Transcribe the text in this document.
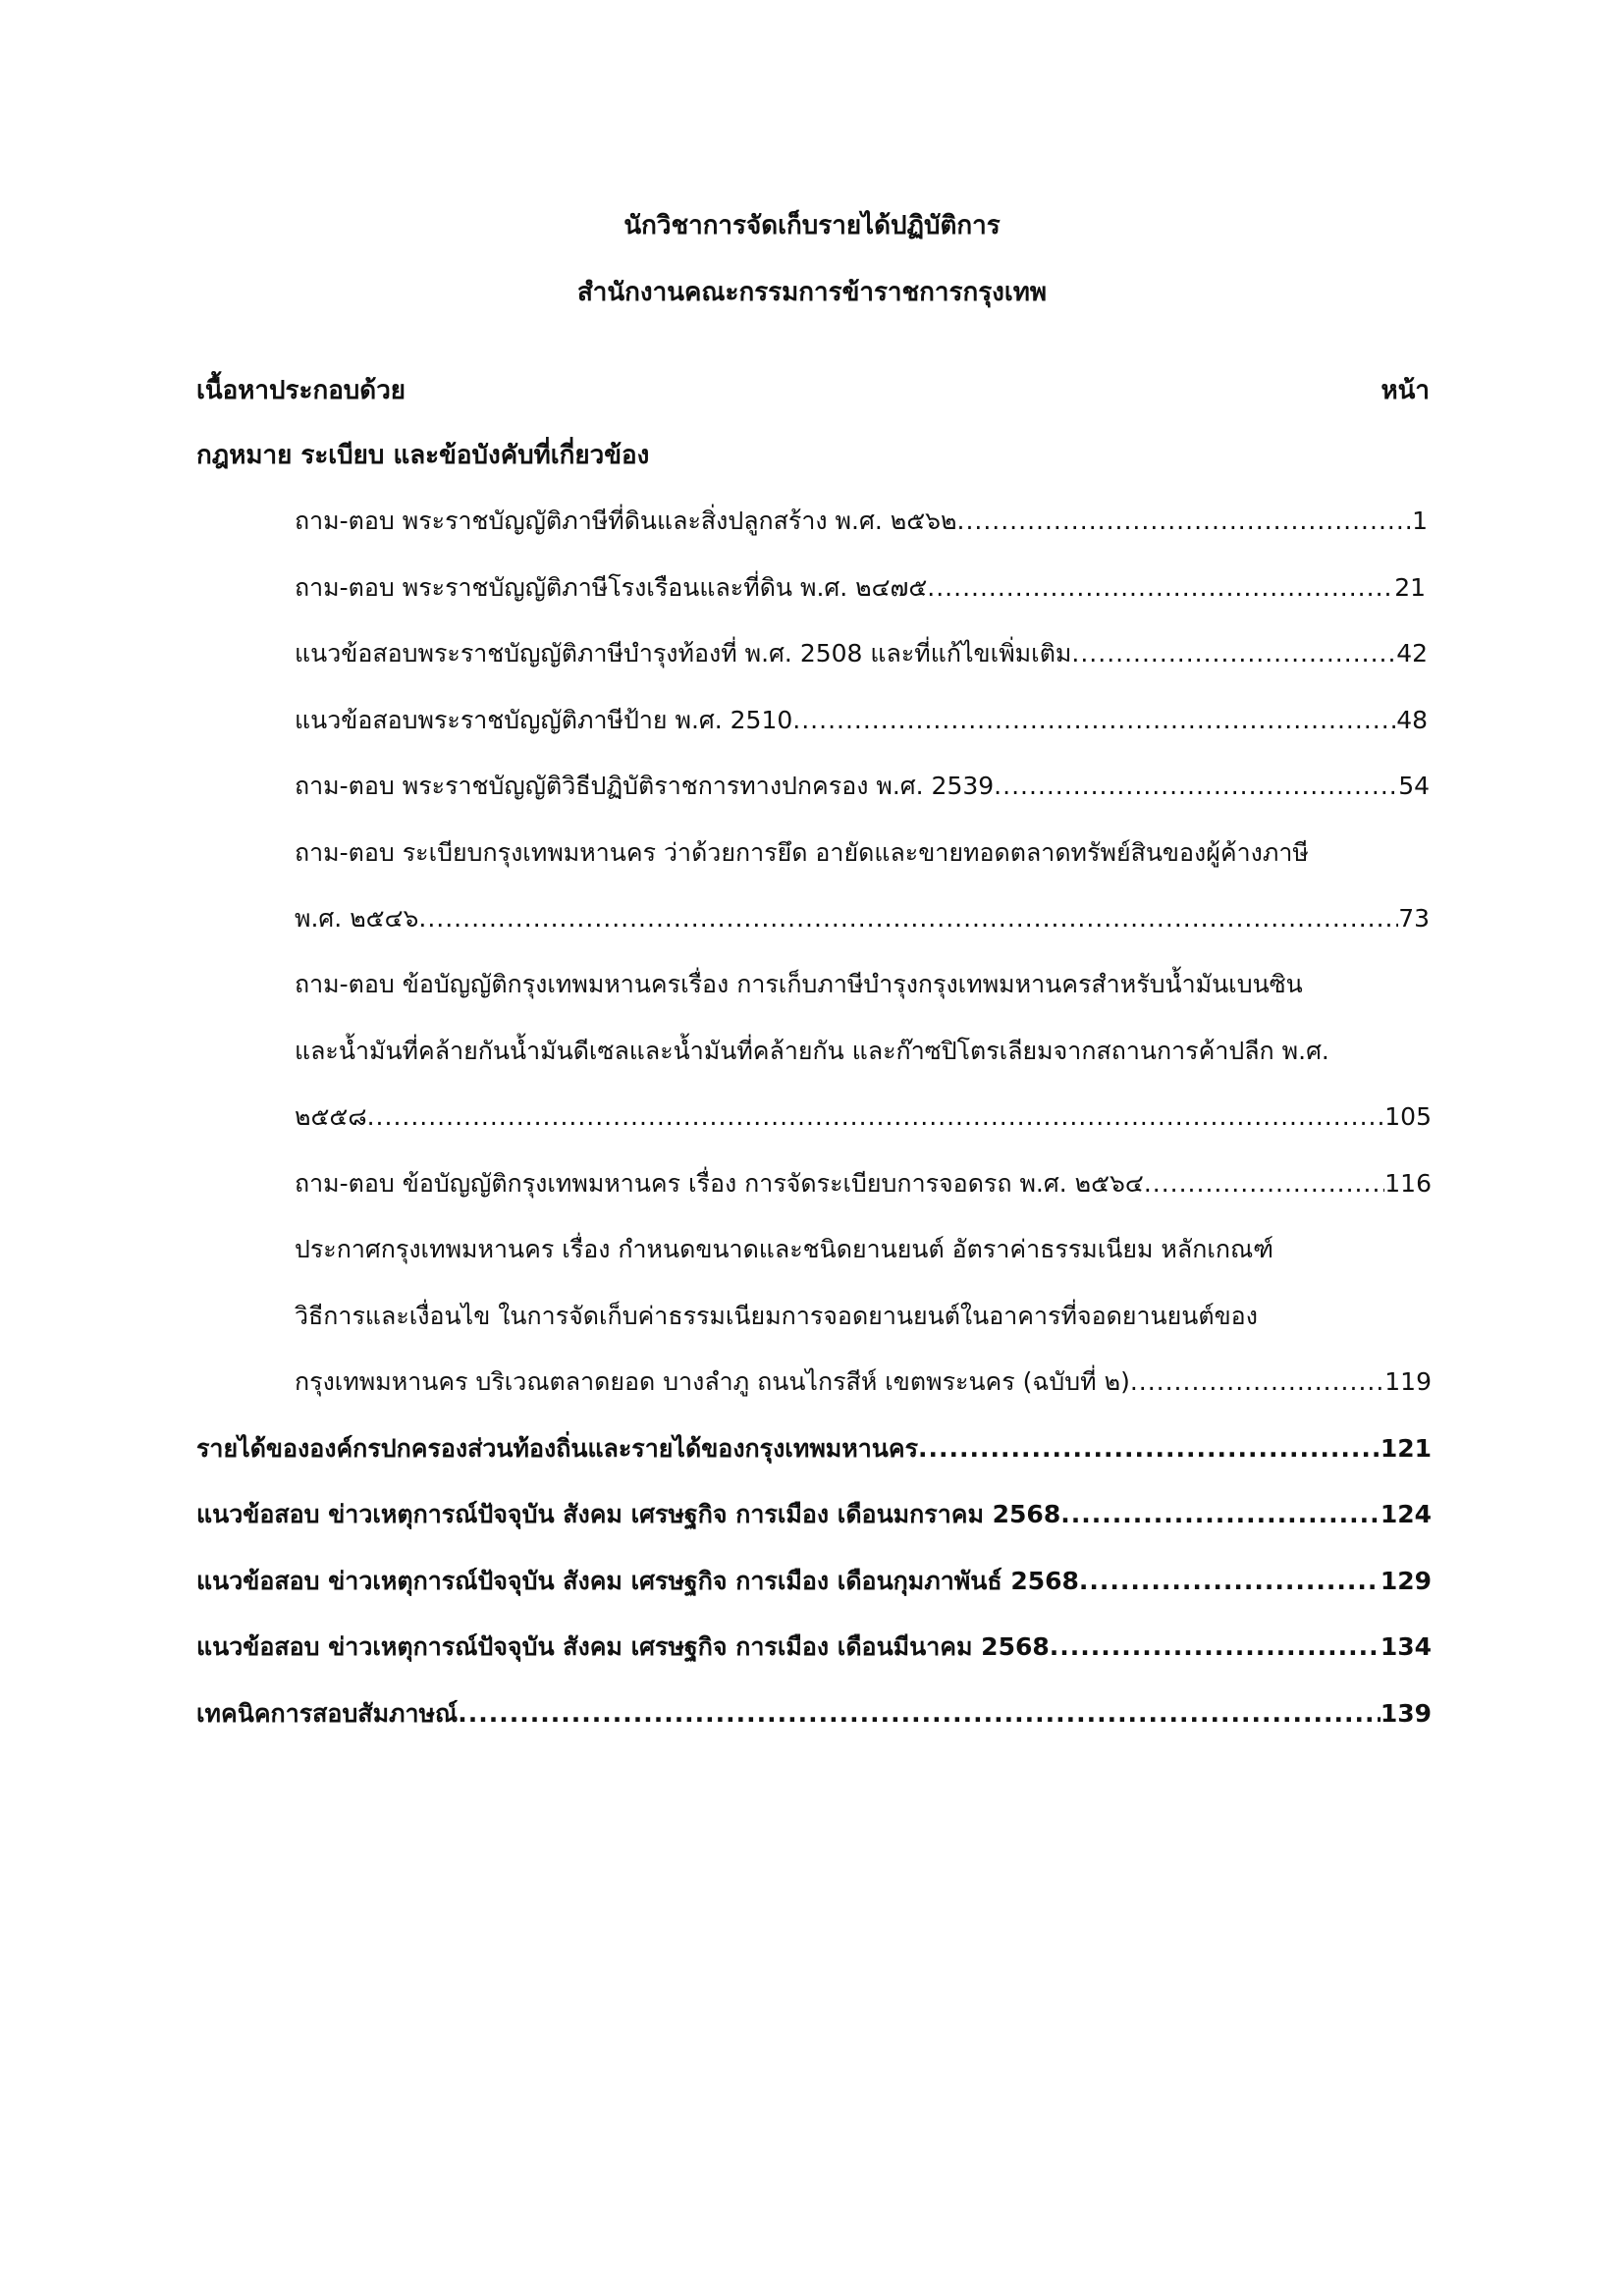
นักวิชาการจัดเก็บรายได้ปฏิบัติการ
สำนักงานคณะกรรมการข้าราชการกรุงเทพ
เนื้อหาประกอบด้วย	หน้า
กฎหมาย ระเบียบ และข้อบังคับที่เกี่ยวข้อง
ถาม-ตอบ พระราชบัญญัติภาษีที่ดินและสิ่งปลูกสร้าง พ.ศ. ๒๕๖๒ .....	1
ถาม-ตอบ พระราชบัญญัติภาษีโรงเรือนและที่ดิน พ.ศ. ๒๔๗๕ .....	21
แนวข้อสอบพระราชบัญญัติภาษีบำรุงท้องที่ พ.ศ. 2508 และที่แก้ไขเพิ่มเติม .....	42
แนวข้อสอบพระราชบัญญัติภาษีป้าย พ.ศ. 2510 .....	48
ถาม-ตอบ พระราชบัญญัติวิธีปฏิบัติราชการทางปกครอง พ.ศ. 2539 .....	54
ถาม-ตอบ ระเบียบกรุงเทพมหานคร ว่าด้วยการยึด อายัดและขายทอดตลาดทรัพย์สินของผู้ค้างภาษี
พ.ศ. ๒๕๔๖ .....	73
ถาม-ตอบ ข้อบัญญัติกรุงเทพมหานครเรื่อง การเก็บภาษีบำรุงกรุงเทพมหานครสำหรับน้ำมันเบนซิน
และน้ำมันที่คล้ายกันน้ำมันดีเซลและน้ำมันที่คล้ายกัน และก๊าซปิโตรเลียมจากสถานการค้าปลีก พ.ศ.
๒๕๕๘ .....	105
ถาม-ตอบ ข้อบัญญัติกรุงเทพมหานคร เรื่อง การจัดระเบียบการจอดรถ พ.ศ. ๒๕๖๔ .....	116
ประกาศกรุงเทพมหานคร เรื่อง กำหนดขนาดและชนิดยานยนต์ อัตราค่าธรรมเนียม หลักเกณฑ์
วิธีการและเงื่อนไข ในการจัดเก็บค่าธรรมเนียมการจอดยานยนต์ในอาคารที่จอดยานยนต์ของ
กรุงเทพมหานคร บริเวณตลาดยอด บางลำภู ถนนไกรสีห์ เขตพระนคร (ฉบับที่ ๒) .....	119
รายได้ขององค์กรปกครองส่วนท้องถิ่นและรายได้ของกรุงเทพมหานคร .....	121
แนวข้อสอบ ข่าวเหตุการณ์ปัจจุบัน สังคม เศรษฐกิจ การเมือง เดือนมกราคม 2568 .....	124
แนวข้อสอบ ข่าวเหตุการณ์ปัจจุบัน สังคม เศรษฐกิจ การเมือง เดือนกุมภาพันธ์ 2568 .....	129
แนวข้อสอบ ข่าวเหตุการณ์ปัจจุบัน สังคม เศรษฐกิจ การเมือง เดือนมีนาคม 2568 .....	134
เทคนิคการสอบสัมภาษณ์ .....	139
